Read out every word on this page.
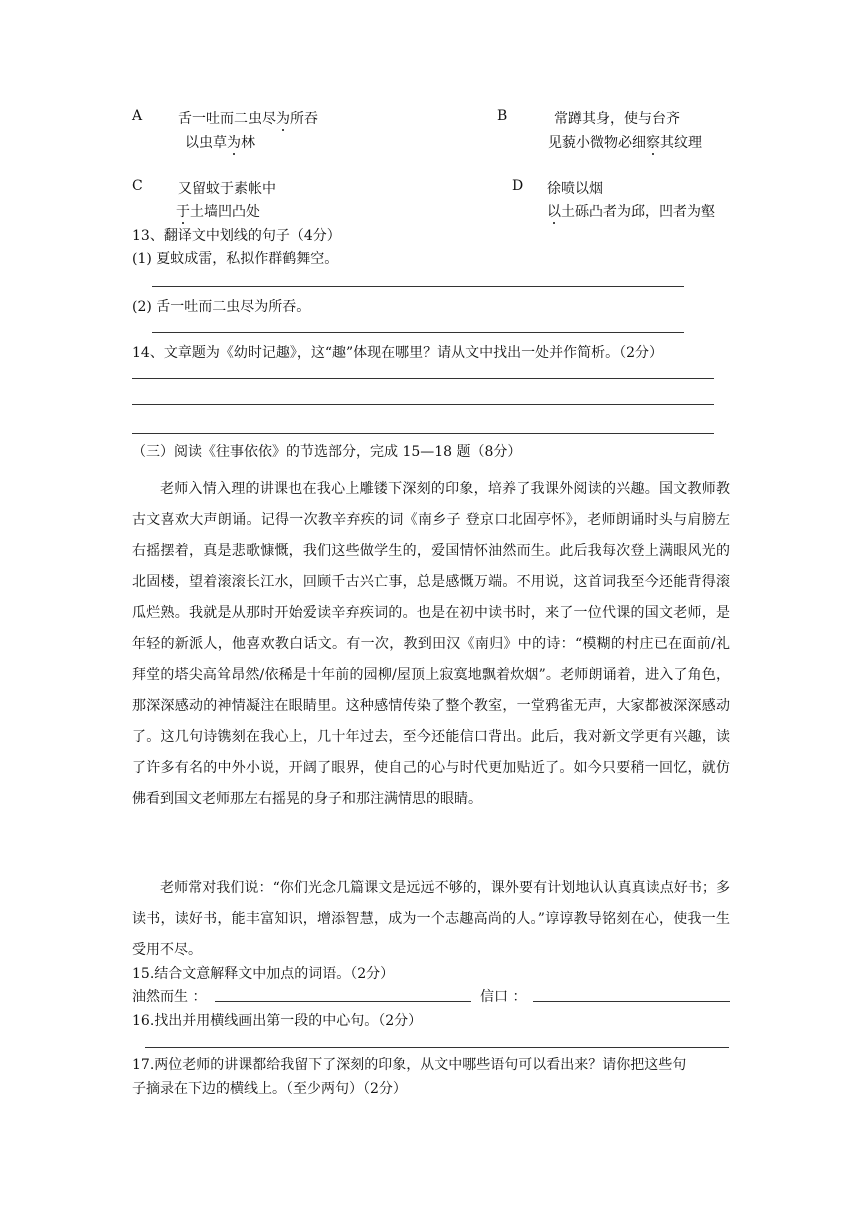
A	舌一吐而二虫尽为所吞
以虫草为林
B	常蹲其身，使与台齐
见藐小微物必细察其纹理
C	又留蚊于素帐中
于土墙凹凸处
D 徐喷以烟
以土砾凸者为邱，凹者为壑
13、翻译文中划线的句子（4分）
(1) 夏蚊成雷，私拟作群鹤舞空。
(2) 舌一吐而二虫尽为所吞。
14、文章题为《幼时记趣》，这“趣”体现在哪里？请从文中找出一处并作简析。（2分）
（三）阅读《往事依依》的节选部分，完成 15—18 题（8分）

老师入情入理的讲课也在我心上雕镂下深刻的印象，培养了我课外阅读的兴趣。国文教师教古文喜欢大声朗诵。记得一次教辛弃疾的词《南乡子 登京口北固亭怀》，老师朗诵时头与肩膀左右摇摆着，真是悲歌慷慨，我们这些做学生的，爱国情怀油然而生。此后我每次登上满眼风光的北固楼，望着滚滚长江水，回顾千古兴亡事，总是感慨万端。不用说，这首词我至今还能背得滚瓜烂熟。我就是从那时开始爱读辛弃疾词的。也是在初中读书时，来了一位代课的国文老师，是年轻的新派人，他喜欢教白话文。有一次，教到田汉《南归》中的诗：“模糊的村庄已在面前/礼拜堂的塔尖高耸昂然/依稀是十年前的园柳/屋顶上寂寞地飘着炊烟”。老师朗诵着，进入了角色，那深深感动的神情凝注在眼睛里。这种感情传染了整个教室，一堂鸦雀无声，大家都被深深感动了。这几句诗镌刻在我心上，几十年过去，至今还能信口背出。此后，我对新文学更有兴趣，读了许多有名的中外小说，开阔了眼界，使自己的心与时代更加贴近了。如今只要稍一回忆，就仿佛看到国文老师那左右摇晃的身子和那注满情思的眼睛。

老师常对我们说：“你们光念几篇课文是远远不够的，课外要有计划地认认真真读点好书；多读书，读好书，能丰富知识，增添智慧，成为一个志趣高尚的人。”谆谆教导铭刻在心，使我一生受用不尽。

15.结合文意解释文中加点的词语。（2分）
油然而生 ：	信口 ：
16.找出并用横线画出第一段的中心句。（2分）
17.两位老师的讲课都给我留下了深刻的印象，从文中哪些语句可以看出来？请你把这些句
子摘录在下边的横线上。（至少两句）（2分）
